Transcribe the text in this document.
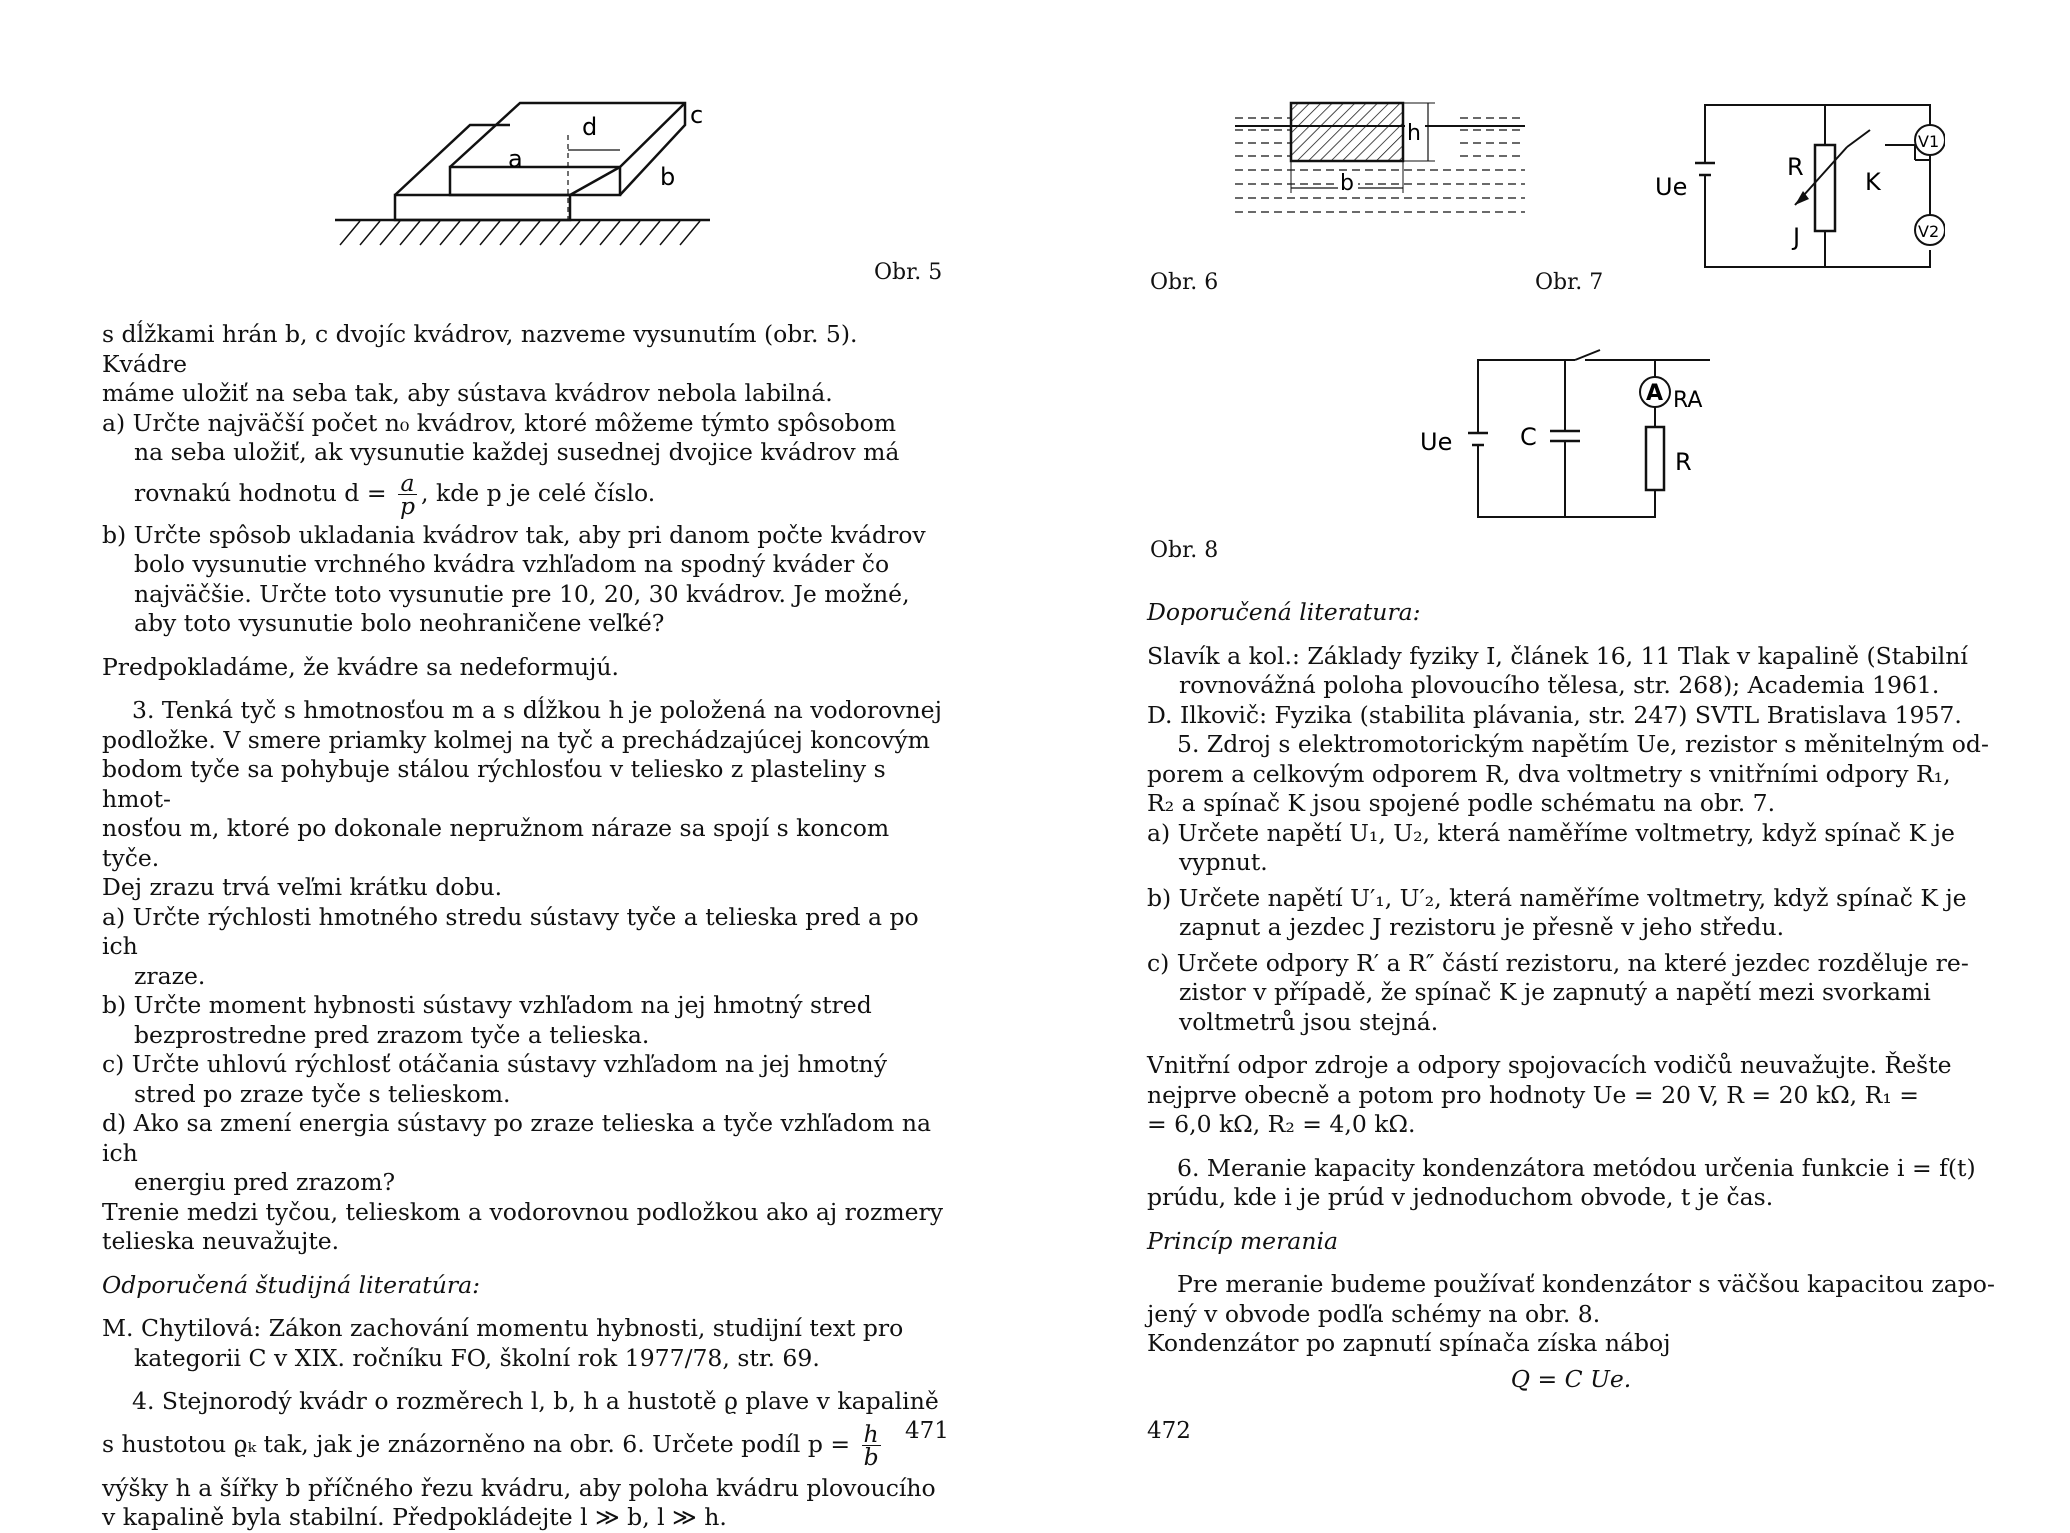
a
d
b
c
Obr. 5

s dĺžkami hrán b, c dvojíc kvádrov, nazveme vysunutím (obr. 5). Kvádre

máme uložiť na seba tak, aby sústava kvádrov nebola labilná.

a) Určte najväčší počet n₀ kvádrov, ktoré môžeme týmto spôsobom

na seba uložiť, ak vysunutie každej susednej dvojice kvádrov má

rovnakú hodnotu $d = \frac{a}{p}$ , kde p je celé číslo.

b) Určte spôsob ukladania kvádrov tak, aby pri danom počte kvádrov

bolo vysunutie vrchného kvádra vzhľadom na spodný kváder čo

najväčšie. Určte toto vysunutie pre 10, 20, 30 kvádrov. Je možné,

aby toto vysunutie bolo neohraničene veľké?

Predpokladáme, že kvádre sa nedeformujú.

3. Tenká tyč s hmotnosťou m a s dĺžkou h je položená na vodorovnej

podložke. V smere priamky kolmej na tyč a prechádzajúcej koncovým

bodom tyče sa pohybuje stálou rýchlosťou v teliesko z plasteliny s hmot-

nosťou m, ktoré po dokonale nepružnom náraze sa spojí s koncom tyče.

Dej zrazu trvá veľmi krátku dobu.

a) Určte rýchlosti hmotného stredu sústavy tyče a telieska pred a po ich

zraze.

b) Určte moment hybnosti sústavy vzhľadom na jej hmotný stred

bezprostredne pred zrazom tyče a telieska.

c) Určte uhlovú rýchlosť otáčania sústavy vzhľadom na jej hmotný

stred po zraze tyče s telieskom.

d) Ako sa zmení energia sústavy po zraze telieska a tyče vzhľadom na ich

energiu pred zrazom?

Trenie medzi tyčou, telieskom a vodorovnou podložkou ako aj rozmery

telieska neuvažujte.

Odporučená študijná literatúra:

M. Chytilová: Zákon zachování momentu hybnosti, studijní text pro

kategorii C v XIX. ročníku FO, školní rok 1977/78, str. 69.

4. Stejnorodý kvádr o rozměrech l, b, h a hustotě ϱ plave v kapalině

s hustotou ϱₖ tak, jak je znázorněno na obr. 6. Určete podíl $p = \frac{h}{b}$

výšky h a šířky b příčného řezu kvádru, aby poloha kvádru plovoucího

v kapalině byla stabilní. Předpokládejte l ≫ b, l ≫ h.

471
h
b
Obr. 6
Ue
R
K
J
V1
V2
Obr. 7
Ue	C
A RA
R
Obr. 8

Doporučená literatura:

Slavík a kol.: Základy fyziky I, článek 16, 11 Tlak v kapalině (Stabilní

rovnovážná poloha plovoucího tělesa, str. 268); Academia 1961.

D. Ilkovič: Fyzika (stabilita plávania, str. 247) SVTL Bratislava 1957.

5. Zdroj s elektromotorickým napětím Ue, rezistor s měnitelným od-

porem a celkovým odporem R, dva voltmetry s vnitřními odpory R₁,

R₂ a spínač K jsou spojené podle schématu na obr. 7.

a) Určete napětí U₁, U₂, která naměříme voltmetry, když spínač K je

vypnut.

b) Určete napětí U′₁, U′₂, která naměříme voltmetry, když spínač K je

zapnut a jezdec J rezistoru je přesně v jeho středu.

c) Určete odpory R′ a R″ částí rezistoru, na které jezdec rozděluje re-

zistor v případě, že spínač K je zapnutý a napětí mezi svorkami

voltmetrů jsou stejná.

Vnitřní odpor zdroje a odpory spojovacích vodičů neuvažujte. Řešte

nejprve obecně a potom pro hodnoty Ue = 20 V, R = 20 kΩ, R₁ =

= 6,0 kΩ, R₂ = 4,0 kΩ.

6. Meranie kapacity kondenzátora metódou určenia funkcie i = f(t)

prúdu, kde i je prúd v jednoduchom obvode, t je čas.

Princíp merania

Pre meranie budeme používať kondenzátor s väčšou kapacitou zapo-

jený v obvode podľa schémy na obr. 8.

Kondenzátor po zapnutí spínača získa náboj

Q = C Ue.

472
